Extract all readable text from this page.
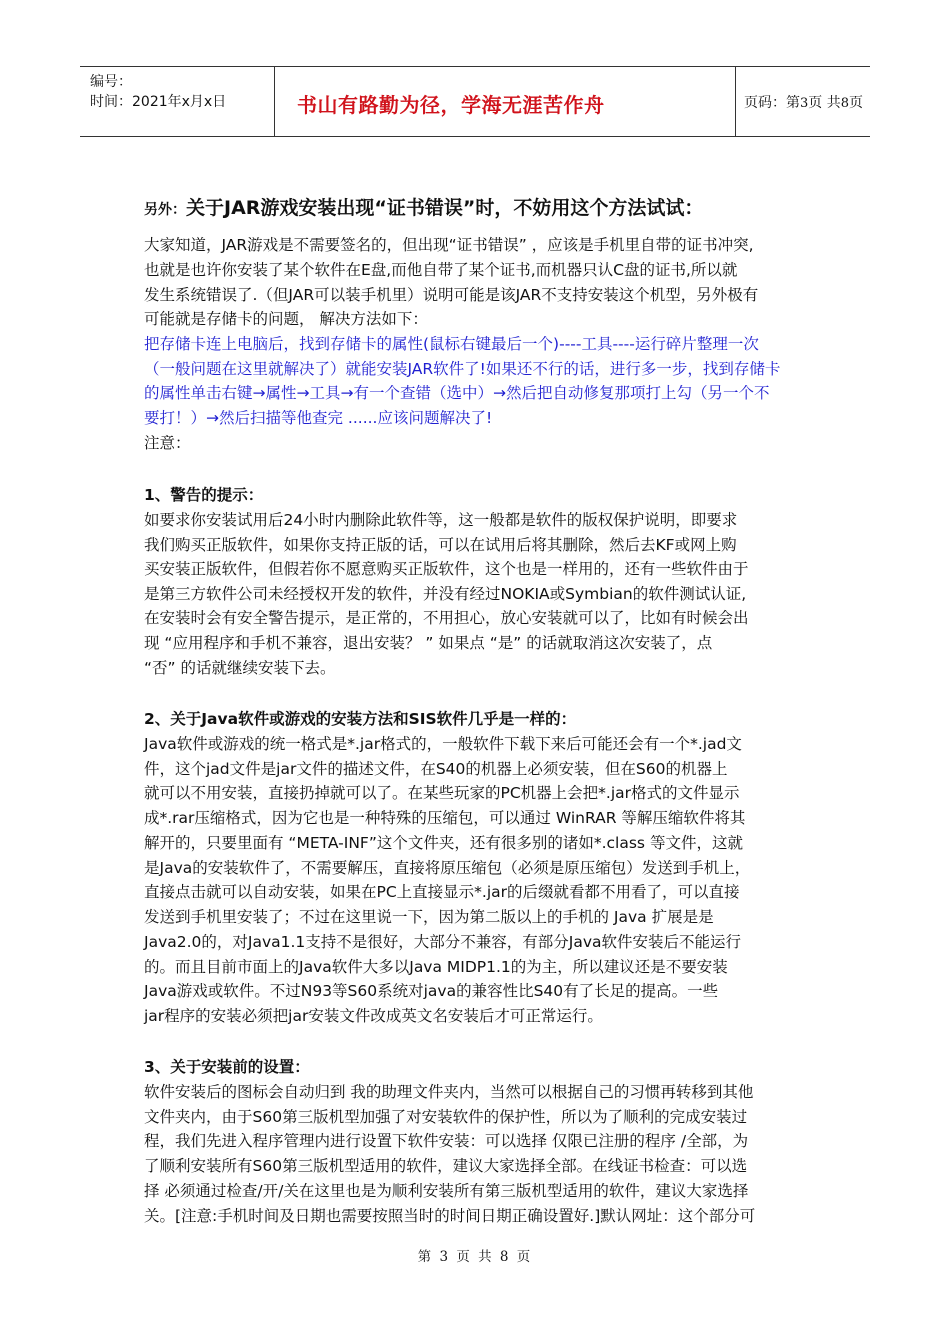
编号：
时间：2021年x月x日	书山有路勤为径，学海无涯苦作舟	页码：第3页 共8页
另外：关于JAR游戏安装出现“证书错误”时，不妨用这个方法试试：
大家知道，JAR游戏是不需要签名的，但出现“证书错误” ，应该是手机里自带的证书冲突,
也就是也许你安装了某个软件在E盘,而他自带了某个证书,而机器只认C盘的证书,所以就
发生系统错误了.（但JAR可以装手机里）说明可能是该JAR不支持安装这个机型，另外极有
可能就是存储卡的问题， 解决方法如下：
把存储卡连上电脑后，找到存储卡的属性(鼠标右键最后一个)----工具----运行碎片整理一次
（一般问题在这里就解决了）就能安装JAR软件了!如果还不行的话，进行多一步，找到存储卡
的属性单击右键→属性→工具→有一个查错（选中）→然后把自动修复那项打上勾（另一个不
要打！）→然后扫描等他查完 ......应该问题解决了!
注意：
1、警告的提示：
如要求你安装试用后24小时内删除此软件等，这一般都是软件的版权保护说明，即要求
我们购买正版软件，如果你支持正版的话，可以在试用后将其删除，然后去KF或网上购
买安装正版软件，但假若你不愿意购买正版软件，这个也是一样用的，还有一些软件由于
是第三方软件公司未经授权开发的软件，并没有经过NOKIA或Symbian的软件测试认证,
在安装时会有安全警告提示，是正常的，不用担心，放心安装就可以了，比如有时候会出
现 “应用程序和手机不兼容，退出安装？ ” 如果点 “是” 的话就取消这次安装了，点
“否” 的话就继续安装下去。
2、关于Java软件或游戏的安装方法和SIS软件几乎是一样的：
Java软件或游戏的统一格式是*.jar格式的，一般软件下载下来后可能还会有一个*.jad文
件，这个jad文件是jar文件的描述文件，在S40的机器上必须安装，但在S60的机器上
就可以不用安装，直接扔掉就可以了。在某些玩家的PC机器上会把*.jar格式的文件显示
成*.rar压缩格式，因为它也是一种特殊的压缩包，可以通过 WinRAR 等解压缩软件将其
解开的，只要里面有 “META-INF”这个文件夹，还有很多别的诸如*.class 等文件，这就
是Java的安装软件了，不需要解压，直接将原压缩包（必须是原压缩包）发送到手机上，
直接点击就可以自动安装，如果在PC上直接显示*.jar的后缀就看都不用看了，可以直接
发送到手机里安装了；不过在这里说一下，因为第二版以上的手机的 Java 扩展是是
Java2.0的，对Java1.1支持不是很好，大部分不兼容，有部分Java软件安装后不能运行
的。而且目前市面上的Java软件大多以Java MIDP1.1的为主，所以建议还是不要安装
Java游戏或软件。不过N93等S60系统对java的兼容性比S40有了长足的提高。一些
jar程序的安装必须把jar安装文件改成英文名安装后才可正常运行。
3、关于安装前的设置：
软件安装后的图标会自动归到 我的助理文件夹内，当然可以根据自己的习惯再转移到其他
文件夹内，由于S60第三版机型加强了对安装软件的保护性，所以为了顺利的完成安装过
程，我们先进入程序管理内进行设置下软件安装：可以选择 仅限已注册的程序 /全部，为
了顺利安装所有S60第三版机型适用的软件，建议大家选择全部。在线证书检查：可以选
择 必须通过检查/开/关在这里也是为顺利安装所有第三版机型适用的软件，建议大家选择
关。[注意:手机时间及日期也需要按照当时的时间日期正确设置好.]默认网址：这个部分可
第 3 页 共 8 页
